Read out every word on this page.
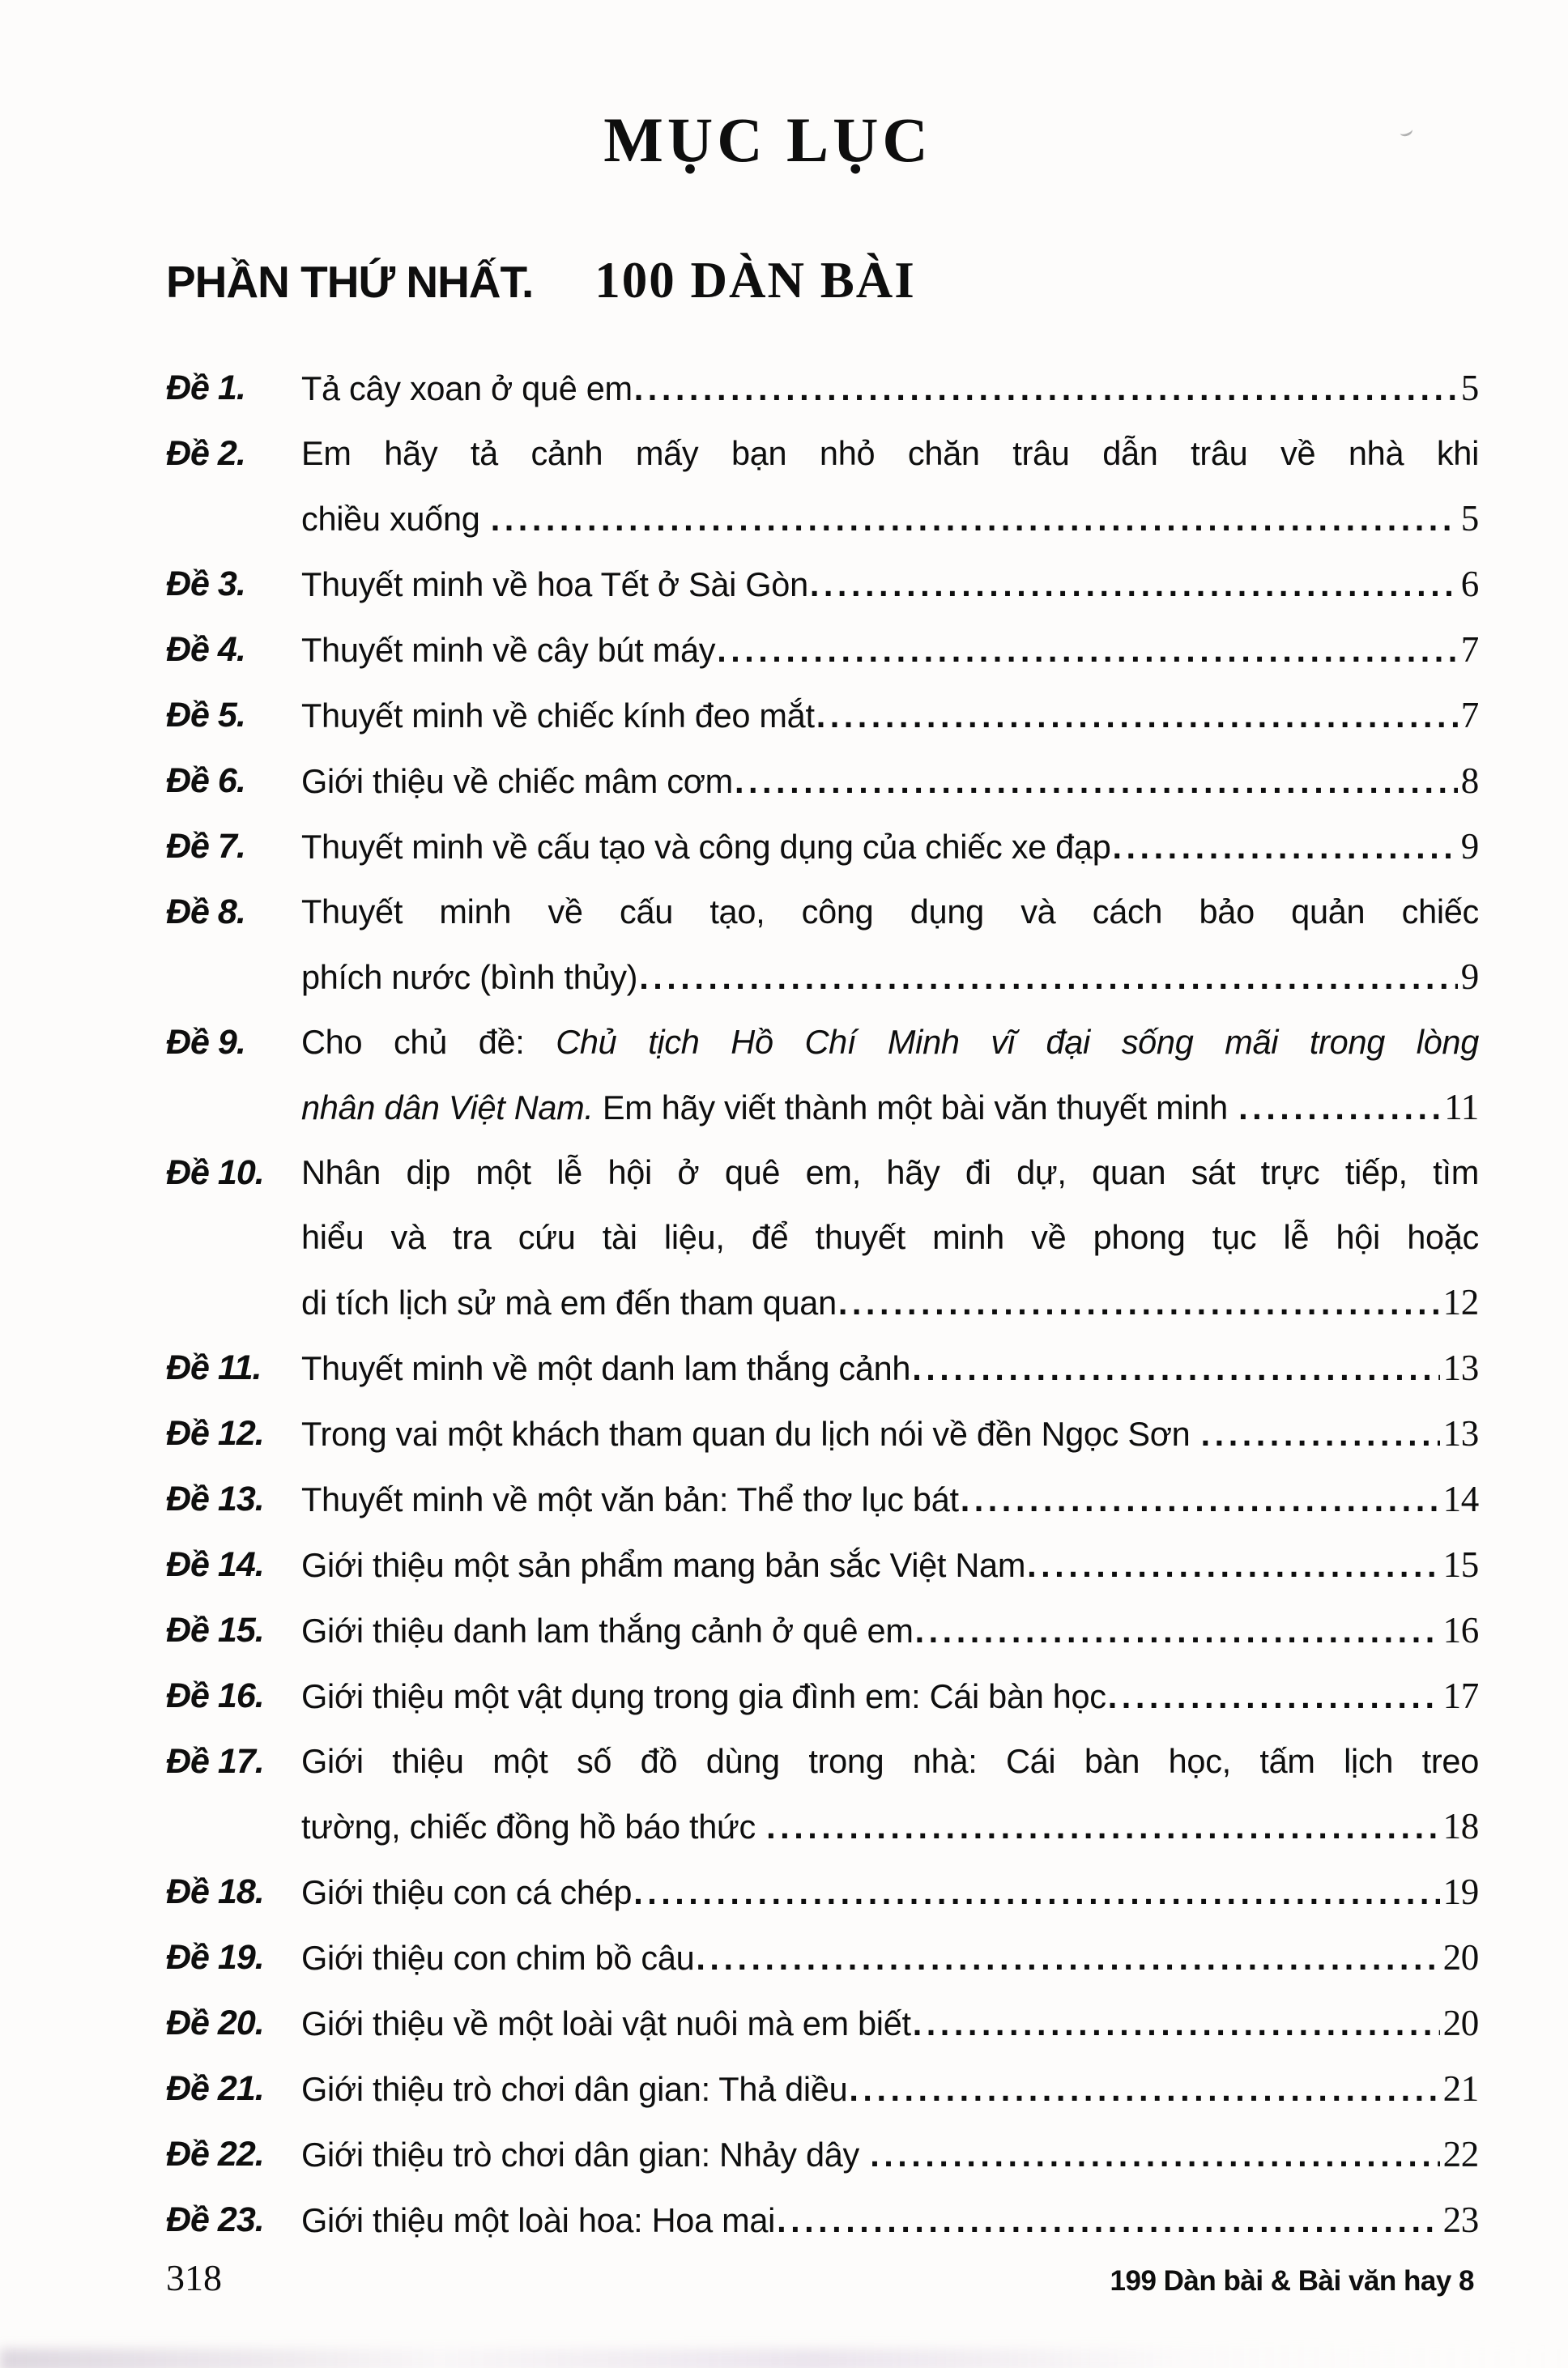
MỤC LỤC
PHẦN THỨ NHẤT. 100 DÀN BÀI
Đề 1.	Tả cây xoan ở quê em .....	5
Đề 2.	Em hãy tả cảnh mấy bạn nhỏ chăn trâu dẫn trâu về nhà khi
chiều xuống .....	5
Đề 3.	Thuyết minh về hoa Tết ở Sài Gòn .....	6
Đề 4.	Thuyết minh về cây bút máy .....	7
Đề 5.	Thuyết minh về chiếc kính đeo mắt .....	7
Đề 6.	Giới thiệu về chiếc mâm cơm .....	8
Đề 7.	Thuyết minh về cấu tạo và công dụng của chiếc xe đạp .....	9
Đề 8.	Thuyết minh về cấu tạo, công dụng và cách bảo quản chiếc
phích nước (bình thủy) .....	9
Đề 9.	Cho chủ đề: Chủ tịch Hồ Chí Minh vĩ đại sống mãi trong lòng
nhân dân Việt Nam. Em hãy viết thành một bài văn thuyết minh .....	11
Đề 10.	Nhân dịp một lễ hội ở quê em, hãy đi dự, quan sát trực tiếp, tìm
hiểu và tra cứu tài liệu, để thuyết minh về phong tục lễ hội hoặc
di tích lịch sử mà em đến tham quan .....	12
Đề 11.	Thuyết minh về một danh lam thắng cảnh .....	13
Đề 12.	Trong vai một khách tham quan du lịch nói về đền Ngọc Sơn .....	13
Đề 13.	Thuyết minh về một văn bản: Thể thơ lục bát .....	14
Đề 14.	Giới thiệu một sản phẩm mang bản sắc Việt Nam .....	15
Đề 15.	Giới thiệu danh lam thắng cảnh ở quê em .....	16
Đề 16.	Giới thiệu một vật dụng trong gia đình em: Cái bàn học .....	17
Đề 17.	Giới thiệu một số đồ dùng trong nhà: Cái bàn học, tấm lịch treo
tường, chiếc đồng hồ báo thức .....	18
Đề 18.	Giới thiệu con cá chép .....	19
Đề 19.	Giới thiệu con chim bồ câu .....	20
Đề 20.	Giới thiệu về một loài vật nuôi mà em biết .....	20
Đề 21.	Giới thiệu trò chơi dân gian: Thả diều .....	21
Đề 22.	Giới thiệu trò chơi dân gian: Nhảy dây .....	22
Đề 23.	Giới thiệu một loài hoa: Hoa mai .....	23
318	199 Dàn bài & Bài văn hay 8
